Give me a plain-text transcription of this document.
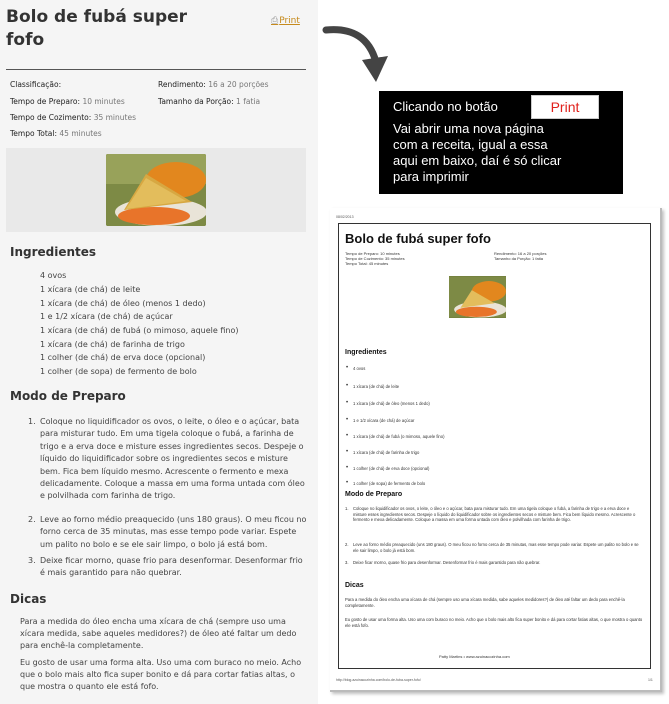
Bolo de fubá super fofo
⎙Print
Classificação:	Rendimento: 16 a 20 porções
Tempo de Preparo: 10 minutes	Tamanho da Porção: 1 fatia
Tempo de Cozimento: 35 minutes
Tempo Total: 45 minutes
Ingredientes
4 ovos
1 xícara (de chá) de leite
1 xícara (de chá) de óleo (menos 1 dedo)
1 e 1/2 xícara (de chá) de açúcar
1 xícara (de chá) de fubá (o mimoso, aquele fino)
1 xícara (de chá) de farinha de trigo
1 colher (de chá) de erva doce (opcional)
1 colher (de sopa) de fermento de bolo
Modo de Preparo
1. Coloque no liquidificador os ovos, o leite, o óleo e o açúcar, bata para misturar tudo. Em uma tigela coloque o fubá, a farinha de trigo e a erva doce e misture esses ingredientes secos. Despeje o líquido do liquidificador sobre os ingredientes secos e misture bem. Fica bem líquido mesmo. Acrescente o fermento e mexa delicadamente. Coloque a massa em uma forma untada com óleo e polvilhada com farinha de trigo.
2. Leve ao forno médio preaquecido (uns 180 graus). O meu ficou no forno cerca de 35 minutas, mas esse tempo pode variar. Espete um palito no bolo e se ele sair limpo, o bolo já está bom.
3. Deixe ficar morno, quase frio para desenformar. Desenformar frio é mais garantido para não quebrar.
Dicas
Para a medida do óleo encha uma xícara de chá (sempre uso uma xícara medida, sabe aqueles medidores?) de óleo até faltar um dedo para enchê-la completamente.
Eu gosto de usar uma forma alta. Uso uma com buraco no meio. Acho que o bolo mais alto fica super bonito e dá para cortar fatias altas, o que mostra o quanto ele está fofo.
Clicando no botão	Print
Vai abrir uma nova página
com a receita, igual a essa
aqui em baixo, daí é só clicar
para imprimir
08/02/2013
Bolo de fubá super fofo
Tempo de Preparo: 10 minutes
Tempo de Cozimento: 35 minutes
Tempo Total: 45 minutes
Rendimento: 16 a 20 porções
Tamanho da Porção: 1 fatia
Ingredientes
• 4 ovos
• 1 xícara (de chá) de leite
• 1 xícara (de chá) de óleo (menos 1 dedo)
• 1 e 1/2 xícara (de chá) de açúcar
• 1 xícara (de chá) de fubá (o mimoso, aquele fino)
• 1 xícara (de chá) de farinha de trigo
• 1 colher (de chá) de erva doce (opcional)
• 1 colher (de sopa) de fermento de bolo
Modo de Preparo
1. Coloque no liquidificador os ovos, o leite, o óleo e o açúcar, bata para misturar tudo. Em uma tigela coloque o fubá, a farinha de trigo e a erva doce e misture esses ingredientes secos. Despeje o líquido do liquidificador sobre os ingredientes secos e misture bem. Fica bem líquido mesmo. Acrescente o fermento e mexa delicadamente. Coloque a massa em uma forma untada com óleo e polvilhada com farinha de trigo.
2. Leve ao forno médio preaquecido (uns 180 graus). O meu ficou no forno cerca de 35 minutas, mas esse tempo pode variar. Espete um palito no bolo e se ele sair limpo, o bolo já está bom.
3. Deixe ficar morno, quase frio para desenformar. Desenformar frio é mais garantido para não quebrar.
Dicas
Para a medida do óleo encha uma xícara de chá (sempre uso uma xícara medida, sabe aqueles medidores?) de óleo até faltar um dedo para enchê-la completamente.
Eu gosto de usar uma forma alta. Uso uma com buraco no meio. Acho que o bolo mais alto fica super bonito e dá para cortar fatias altas, o que mostra o quanto ele está fofo.
Patty Martins • www.azuinacozinha.com
http://blog.azuinacozinha.com/bolo-de-fuba-super-fofo/	1/1
